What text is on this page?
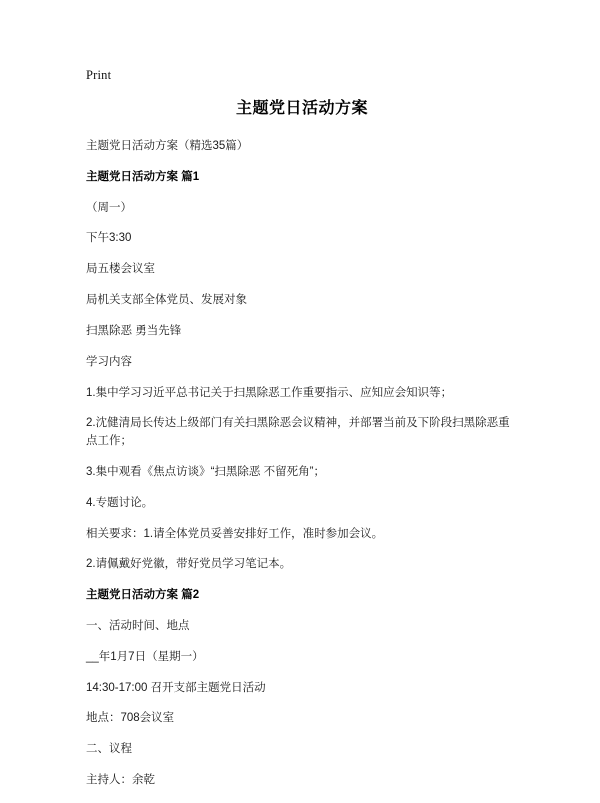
Print
主题党日活动方案

主题党日活动方案（精选35篇）

主题党日活动方案 篇1

（周一）

下午3:30

局五楼会议室

局机关支部全体党员、发展对象

扫黑除恶 勇当先锋

学习内容

1.集中学习习近平总书记关于扫黑除恶工作重要指示、应知应会知识等；

2.沈健清局长传达上级部门有关扫黑除恶会议精神，并部署当前及下阶段扫黑除恶重点工作；

3.集中观看《焦点访谈》“扫黑除恶 不留死角”；

4.专题讨论。

相关要求：1.请全体党员妥善安排好工作，准时参加会议。

2.请佩戴好党徽，带好党员学习笔记本。

主题党日活动方案 篇2

一、活动时间、地点

__年1月7日（星期一）

14:30-17:00 召开支部主题党日活动

地点：708会议室

二、议程

主持人：余乾
